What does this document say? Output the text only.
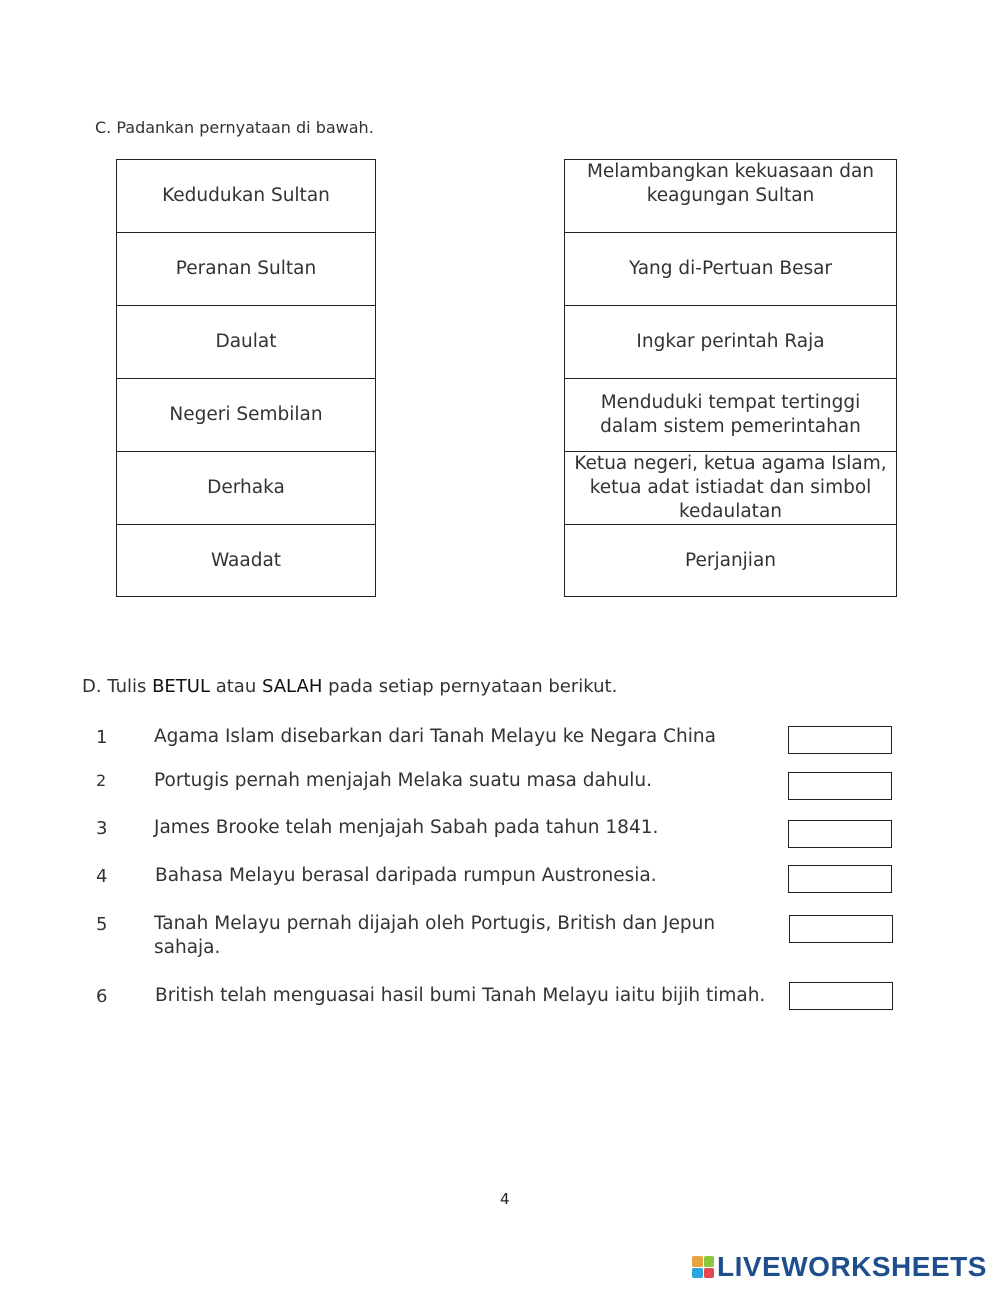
C. Padankan pernyataan di bawah.
Kedudukan Sultan
Peranan Sultan
Daulat
Negeri Sembilan
Derhaka
Waadat
Melambangkan kekuasaan dan keagungan Sultan
Yang di-Pertuan Besar
Ingkar perintah Raja
Menduduki tempat tertinggi dalam sistem pemerintahan
Ketua negeri, ketua agama Islam, ketua adat istiadat dan simbol kedaulatan
Perjanjian
D. Tulis BETUL atau SALAH pada setiap pernyataan berikut.
1	Agama Islam disebarkan dari Tanah Melayu ke Negara China
2	Portugis pernah menjajah Melaka suatu masa dahulu.
3	James Brooke telah menjajah Sabah pada tahun 1841.
4	Bahasa Melayu berasal daripada rumpun Austronesia.
5	Tanah Melayu pernah dijajah oleh Portugis, British dan Jepun sahaja.
6	British telah menguasai hasil bumi Tanah Melayu iaitu bijih timah.
4
LIVEWORKSHEETS
